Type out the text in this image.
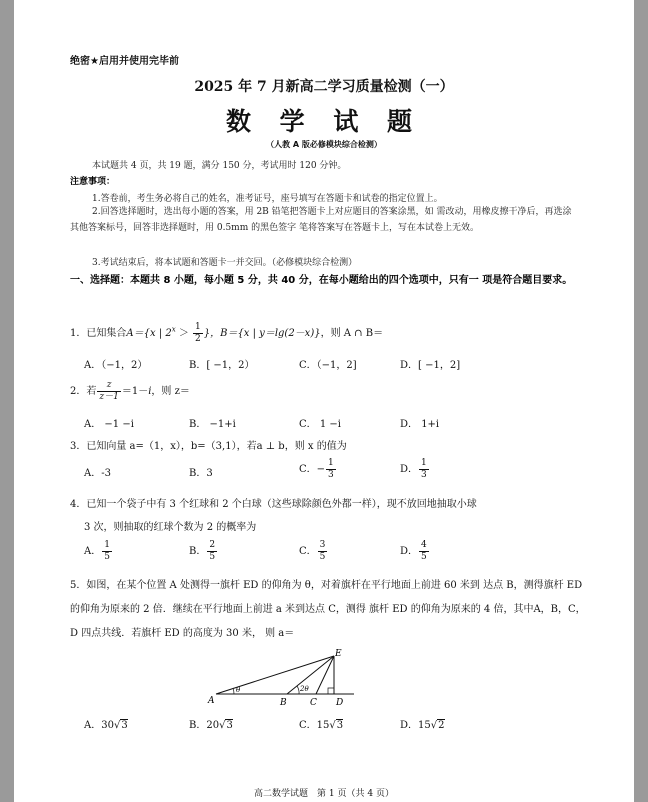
绝密★启用并使用完毕前
2025 年 7 月新高二学习质量检测（一）
数 学 试 题
（人教 A 版必修模块综合检测）
本试题共 4 页，共 19 题，满分 150 分，考试用时 120 分钟。
注意事项：
1.答卷前，考生务必将自己的姓名，准考证号，座号填写在答题卡和试卷的指定位置上。
2.回答选择题时，选出每小题的答案，用 2B 铅笔把答题卡上对应题目的答案涂黑，如 需改动，用橡皮擦干净后，再选涂其他答案标号，回答非选择题时，用 0.5mm 的黑色签字 笔将答案写在答题卡上，写在本试卷上无效。
3.考试结束后，将本试题和答题卡一并交回。（必修模块综合检测）
一、选择题：本题共 8 小题，每小题 5 分，共 40 分，在每小题给出的四个选项中，只有一 项是符合题目要求。
1．已知集合A＝{x | $2^x > \frac{1}{2}$ }，B＝{x | y＝lg(2－x)}，则 A ∩ B＝
A．（−1，2）	B．[ −1，2）	C．（−1，2]	D．[ −1，2]
2．若 $\frac{z}{z-1} =1-i$，则 z＝
A． −1 −i	B． −1+i	C． 1 −i	D． 1+i
3．已知向量 a=（1，x），b=（3,1），若a ⊥ b，则 x 的值为
A．-3	B．3	C．− $\frac{1}{3}$	D． $\frac{1}{3}$
4．已知一个袋子中有 3 个红球和 2 个白球（这些球除颜色外都一样），现不放回地抽取小球
3 次，则抽取的红球个数为 2 的概率为
A． $\frac{1}{5}$	B． $\frac{2}{5}$	C． $\frac{3}{5}$	D． $\frac{4}{5}$
5．如图，在某个位置 A 处测得一旗杆 ED 的仰角为 θ，对着旗杆在平行地面上前进 60 米到 达点 B，测得旗杆 ED 的仰角为原来的 2 倍．继续在平行地面上前进 a 米到达点 C，测得 旗杆 ED 的仰角为原来的 4 倍，其中A，B，C，D 四点共线．若旗杆 ED 的高度为 30 米， 则 a＝
E
A	B	C D
θ	2θ
A．30√3	B．20√3	C．15√3	D．15√2
高二数学试题　第 1 页（共 4 页）
